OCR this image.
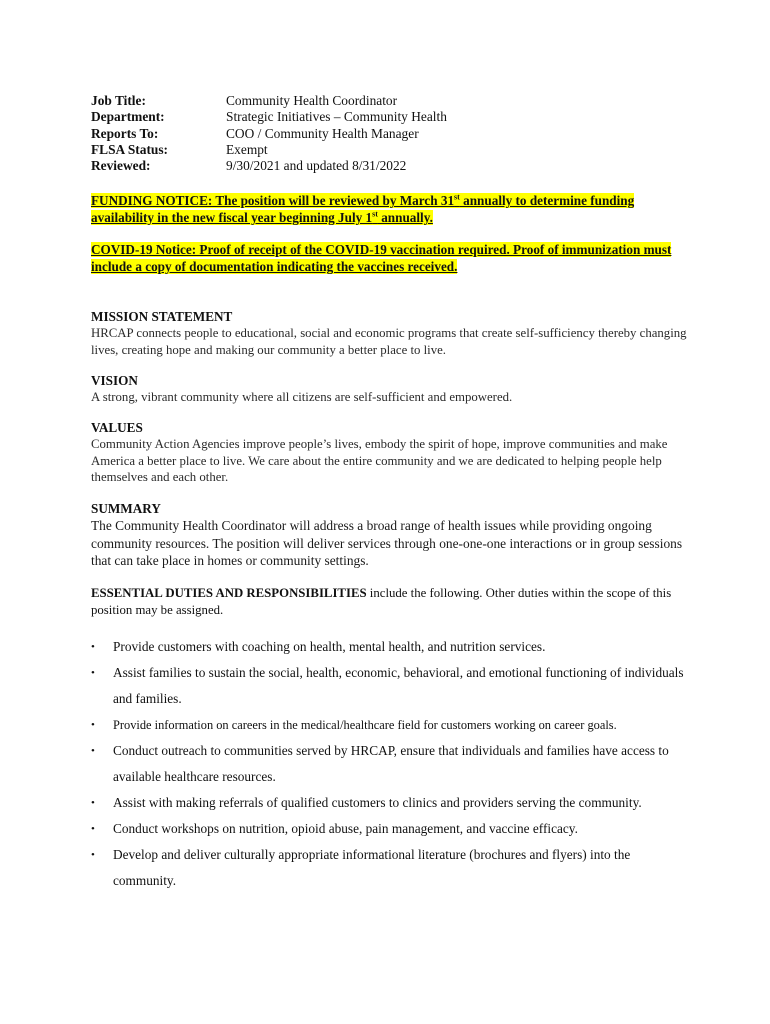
Job Title:	Community Health Coordinator
Department:	Strategic Initiatives – Community Health
Reports To:	COO / Community Health Manager
FLSA Status:	Exempt
Reviewed:	9/30/2021 and updated 8/31/2022
FUNDING NOTICE: The position will be reviewed by March 31st annually to determine funding availability in the new fiscal year beginning July 1st annually.
COVID-19 Notice: Proof of receipt of the COVID-19 vaccination required. Proof of immunization must include a copy of documentation indicating the vaccines received.

MISSION STATEMENT

HRCAP connects people to educational, social and economic programs that create self-sufficiency thereby changing lives, creating hope and making our community a better place to live.

VISION

A strong, vibrant community where all citizens are self-sufficient and empowered.

VALUES

Community Action Agencies improve people’s lives, embody the spirit of hope, improve communities and make America a better place to live. We care about the entire community and we are dedicated to helping people help themselves and each other.

SUMMARY

The Community Health Coordinator will address a broad range of health issues while providing ongoing community resources. The position will deliver services through one-one-one interactions or in group sessions that can take place in homes or community settings.

ESSENTIAL DUTIES AND RESPONSIBILITIES include the following. Other duties within the scope of this position may be assigned.
• Provide customers with coaching on health, mental health, and nutrition services.
• Assist families to sustain the social, health, economic, behavioral, and emotional functioning of individuals and families.
• Provide information on careers in the medical/healthcare field for customers working on career goals.
• Conduct outreach to communities served by HRCAP, ensure that individuals and families have access to available healthcare resources.
• Assist with making referrals of qualified customers to clinics and providers serving the community.
• Conduct workshops on nutrition, opioid abuse, pain management, and vaccine efficacy.
• Develop and deliver culturally appropriate informational literature (brochures and flyers) into the community.
